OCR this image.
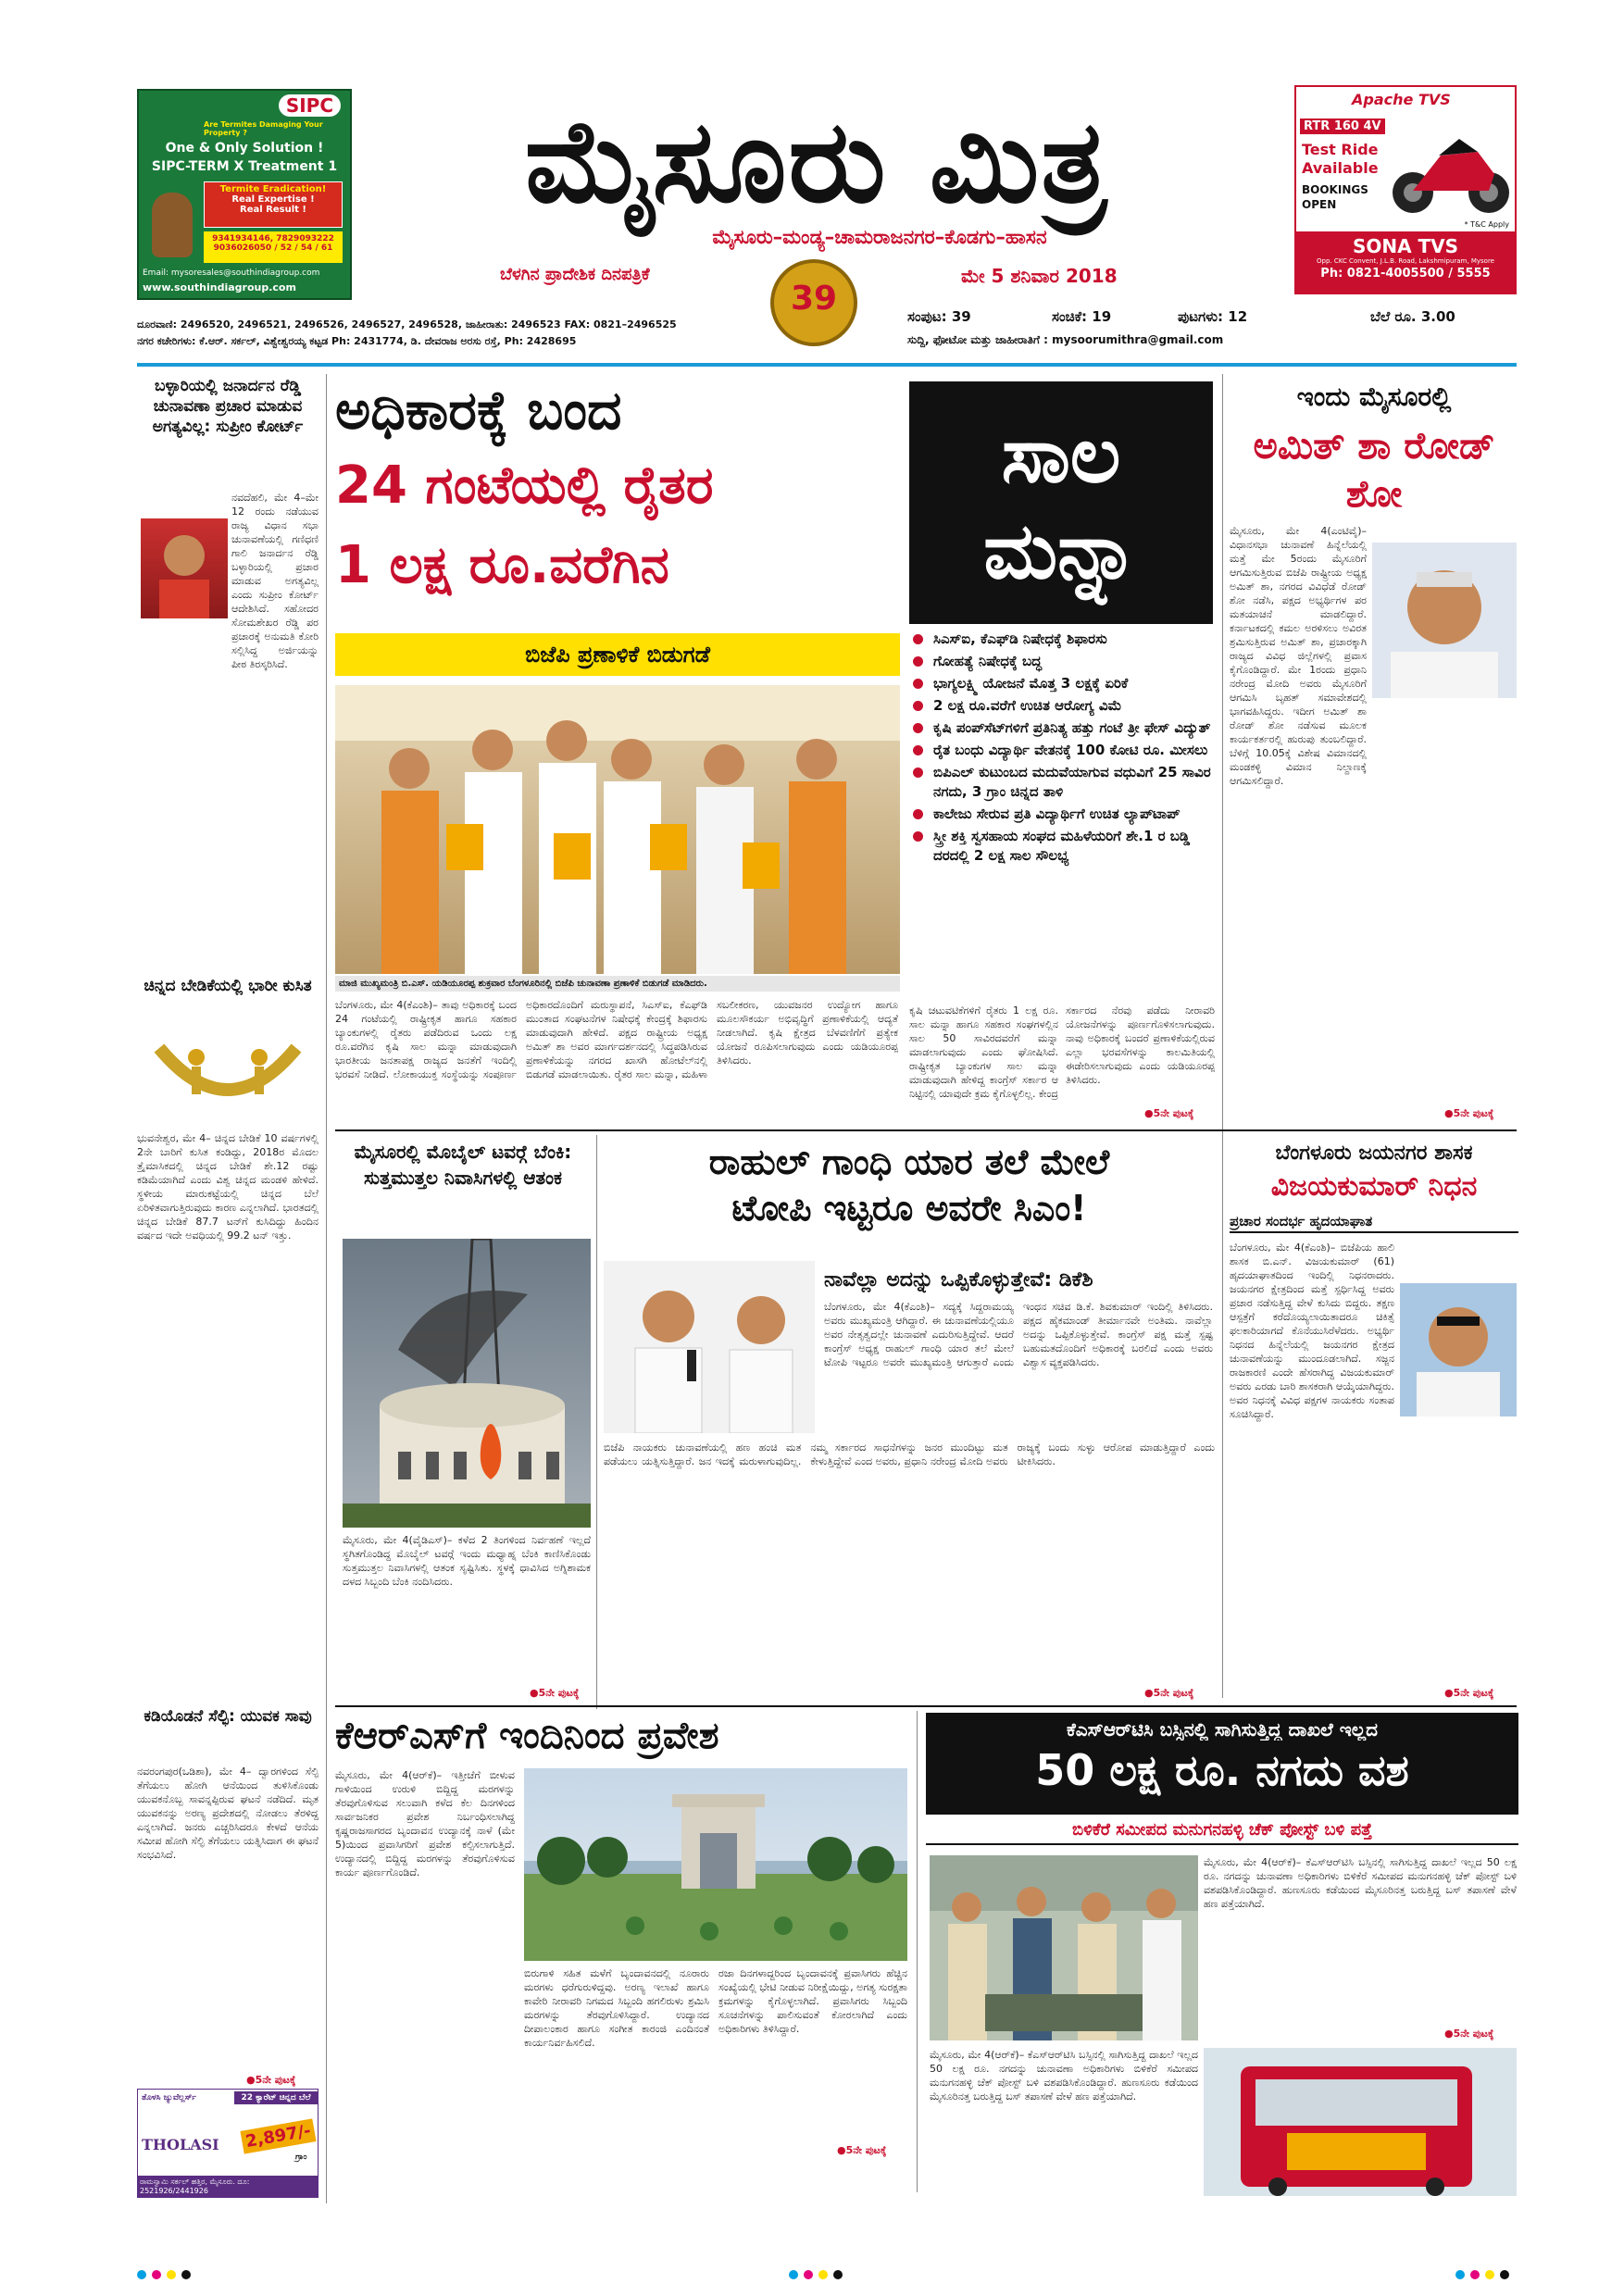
SIPC
Are Termites Damaging Your Property ?
One & Only Solution !
SIPC-TERM X Treatment 1
Termite Eradication!
Real Expertise !
Real Result !
9341934146, 7829093222
9036026050 / 52 / 54 / 61
Email: mysoresales@southindiagroup.com
www.southindiagroup.com
ಮೈಸೂರು ಮಿತ್ರ
ಮೈಸೂರು–ಮಂಡ್ಯ–ಚಾಮರಾಜನಗರ–ಕೊಡಗು–ಹಾಸನ
ಬೆಳಗಿನ ಪ್ರಾದೇಶಿಕ ದಿನಪತ್ರಿಕೆ
39
ಮೇ 5 ಶನಿವಾರ 2018
Apache TVS
RTR 160 4V
Test Ride
Available
BOOKINGS
OPEN
* T&C Apply
SONA TVS
Opp. CKC Convent, J.L.B. Road, Lakshmipuram, Mysore
Ph: 0821-4005500 / 5555
ದೂರವಾಣಿ: 2496520, 2496521, 2496526, 2496527, 2496528, ಜಾಹೀರಾತು: 2496523 FAX: 0821–2496525
ನಗರ ಕಚೇರಿಗಳು: ಕೆ.ಆರ್. ಸರ್ಕಲ್, ವಿಶ್ವೇಶ್ವರಯ್ಯ ಕಟ್ಟಡ Ph: 2431774, ಡಿ. ದೇವರಾಜ ಅರಸು ರಸ್ತೆ, Ph: 2428695
ಸಂಪುಟ: 39	ಸಂಚಿಕೆ: 19	ಪುಟಗಳು: 12	ಬೆಲೆ ರೂ. 3.00
ಸುದ್ದಿ, ಫೋಟೋ ಮತ್ತು ಜಾಹೀರಾತಿಗೆ : mysoorumithra@gmail.com
ಬಳ್ಳಾರಿಯಲ್ಲಿ ಜನಾರ್ದನ ರೆಡ್ಡಿ ಚುನಾವಣಾ ಪ್ರಚಾರ ಮಾಡುವ ಅಗತ್ಯವಿಲ್ಲ: ಸುಪ್ರೀಂ ಕೋರ್ಟ್
ನವದೆಹಲಿ, ಮೇ 4–ಮೇ 12 ರಂದು ನಡೆಯುವ ರಾಜ್ಯ ವಿಧಾನ ಸಭಾ ಚುನಾವಣೆಯಲ್ಲಿ ಗಣಿಧಣಿ ಗಾಲಿ ಜನಾರ್ದನ ರೆಡ್ಡಿ ಬಳ್ಳಾರಿಯಲ್ಲಿ ಪ್ರಚಾರ ಮಾಡುವ ಅಗತ್ಯವಿಲ್ಲ ಎಂದು ಸುಪ್ರೀಂ ಕೋರ್ಟ್ ಆದೇಶಿಸಿದೆ. ಸಹೋದರ ಸೋಮಶೇಖರ ರೆಡ್ಡಿ ಪರ ಪ್ರಚಾರಕ್ಕೆ ಅನುಮತಿ ಕೋರಿ ಸಲ್ಲಿಸಿದ್ದ ಅರ್ಜಿಯನ್ನು ಪೀಠ ತಿರಸ್ಕರಿಸಿದೆ.
ಚಿನ್ನದ ಬೇಡಿಕೆಯಲ್ಲಿ ಭಾರೀ ಕುಸಿತ
ಭುವನೇಶ್ವರ, ಮೇ 4– ಚಿನ್ನದ ಬೇಡಿಕೆ 10 ವರ್ಷಗಳಲ್ಲಿ 2ನೇ ಬಾರಿಗೆ ಕುಸಿತ ಕಂಡಿದ್ದು, 2018ರ ಮೊದಲ ತ್ರೈಮಾಸಿಕದಲ್ಲಿ ಚಿನ್ನದ ಬೇಡಿಕೆ ಶೇ.12 ರಷ್ಟು ಕಡಿಮೆಯಾಗಿದೆ ಎಂದು ವಿಶ್ವ ಚಿನ್ನದ ಮಂಡಳಿ ಹೇಳಿದೆ. ಸ್ಥಳೀಯ ಮಾರುಕಟ್ಟೆಯಲ್ಲಿ ಚಿನ್ನದ ಬೆಲೆ ಏರಿಳಿತವಾಗುತ್ತಿರುವುದು ಕಾರಣ ಎನ್ನಲಾಗಿದೆ. ಭಾರತದಲ್ಲಿ ಚಿನ್ನದ ಬೇಡಿಕೆ 87.7 ಟನ್‍ಗೆ ಕುಸಿದಿದ್ದು ಹಿಂದಿನ ವರ್ಷದ ಇದೇ ಅವಧಿಯಲ್ಲಿ 99.2 ಟನ್ ಇತ್ತು.
ಕಡಿಯೊಡನೆ ಸೆಲ್ಫಿ: ಯುವಕ ಸಾವು
ನವರಂಗಪುರ(ಒಡಿಶಾ), ಮೇ 4– ದ್ವಾರಗಳಿಂದ ಸೆಲ್ಫಿ ತೆಗೆಯಲು ಹೋಗಿ ಆನೆಯಿಂದ ತುಳಿಸಿಕೊಂಡು ಯುವಕನೊಬ್ಬ ಸಾವನ್ನಪ್ಪಿರುವ ಘಟನೆ ನಡೆದಿದೆ. ಮೃತ ಯುವಕನನ್ನು ಅರಣ್ಯ ಪ್ರದೇಶದಲ್ಲಿ ನೋಡಲು ತೆರಳಿದ್ದ ಎನ್ನಲಾಗಿದೆ. ಜನರು ಎಚ್ಚರಿಸಿದರೂ ಕೇಳದೆ ಆನೆಯ ಸಮೀಪ ಹೋಗಿ ಸೆಲ್ಫಿ ತೆಗೆಯಲು ಯತ್ನಿಸಿದಾಗ ಈ ಘಟನೆ ಸಂಭವಿಸಿದೆ.
●5ನೇ ಪುಟಕ್ಕೆ
ತೊಳಸಿ ಜ್ಯುವೆಲ್ಲರ್ಸ್
THOLASI
22 ಕ್ಯಾರೆಟ್ ಚಿನ್ನದ ಬೆಲೆ
2,897/-
ಗ್ರಾಂ
ರಾಮಸ್ವಾಮಿ ಸರ್ಕಲ್ ಹತ್ತಿರ, ಮೈಸೂರು. ದೂ: 2521926/2441926
ಅಧಿಕಾರಕ್ಕೆ ಬಂದ
24 ಗಂಟೆಯಲ್ಲಿ ರೈತರ
1 ಲಕ್ಷ ರೂ.ವರೆಗಿನ
ಸಾಲ ಮನ್ನಾ
ಬಿಜೆಪಿ ಪ್ರಣಾಳಿಕೆ ಬಿಡುಗಡೆ
ಮಾಜಿ ಮುಖ್ಯಮಂತ್ರಿ ಬಿ.ಎಸ್. ಯಡಿಯೂರಪ್ಪ ಶುಕ್ರವಾರ ಬೆಂಗಳೂರಿನಲ್ಲಿ ಬಿಜೆಪಿ ಚುನಾವಣಾ ಪ್ರಣಾಳಿಕೆ ಬಿಡುಗಡೆ ಮಾಡಿದರು.
ಸಿಎಸ್‍ಐ, ಕೆಎಫ್‍ಡಿ ನಿಷೇಧಕ್ಕೆ ಶಿಫಾರಸು
ಗೋಹತ್ಯೆ ನಿಷೇಧಕ್ಕೆ ಬದ್ಧ
ಭಾಗ್ಯಲಕ್ಷ್ಮಿ ಯೋಜನೆ ಮೊತ್ತ 3 ಲಕ್ಷಕ್ಕೆ ಏರಿಕೆ
2 ಲಕ್ಷ ರೂ.ವರೆಗೆ ಉಚಿತ ಆರೋಗ್ಯ ವಿಮೆ
ಕೃಷಿ ಪಂಪ್‍ಸೆಟ್‍ಗಳಿಗೆ ಪ್ರತಿನಿತ್ಯ ಹತ್ತು ಗಂಟೆ ತ್ರೀ ಫೇಸ್ ವಿದ್ಯುತ್
ರೈತ ಬಂಧು ವಿದ್ಯಾರ್ಥಿ ವೇತನಕ್ಕೆ 100 ಕೋಟಿ ರೂ. ಮೀಸಲು
ಬಿಪಿಎಲ್ ಕುಟುಂಬದ ಮದುವೆಯಾಗುವ ವಧುವಿಗೆ 25 ಸಾವಿರ ನಗದು, 3 ಗ್ರಾಂ ಚಿನ್ನದ ತಾಳಿ
ಕಾಲೇಜು ಸೇರುವ ಪ್ರತಿ ವಿದ್ಯಾರ್ಥಿಗೆ ಉಚಿತ ಲ್ಯಾಪ್‍ಟಾಪ್
ಸ್ತ್ರೀ ಶಕ್ತಿ ಸ್ವಸಹಾಯ ಸಂಘದ ಮಹಿಳೆಯರಿಗೆ ಶೇ.1 ರ ಬಡ್ಡಿ ದರದಲ್ಲಿ 2 ಲಕ್ಷ ಸಾಲ ಸೌಲಭ್ಯ
ಬೆಂಗಳೂರು, ಮೇ 4(ಕೆಎಂಶಿ)– ತಾವು ಅಧಿಕಾರಕ್ಕೆ ಬಂದ 24 ಗಂಟೆಯಲ್ಲಿ ರಾಷ್ಟ್ರೀಕೃತ ಹಾಗೂ ಸಹಕಾರ ಬ್ಯಾಂಕುಗಳಲ್ಲಿ ರೈತರು ಪಡೆದಿರುವ ಒಂದು ಲಕ್ಷ ರೂ.ವರೆಗಿನ ಕೃಷಿ ಸಾಲ ಮನ್ನಾ ಮಾಡುವುದಾಗಿ ಭಾರತೀಯ ಜನತಾಪಕ್ಷ ರಾಜ್ಯದ ಜನತೆಗೆ ಇಂದಿಲ್ಲಿ ಭರವಸೆ ನೀಡಿದೆ. ಲೋಕಾಯುಕ್ತ ಸಂಸ್ಥೆಯನ್ನು ಸಂಪೂರ್ಣ ಅಧಿಕಾರದೊಂದಿಗೆ ಮರುಸ್ಥಾಪನೆ, ಸಿಎಸ್‍ಐ, ಕೆಎಫ್‍ಡಿ ಮುಂತಾದ ಸಂಘಟನೆಗಳ ನಿಷೇಧಕ್ಕೆ ಕೇಂದ್ರಕ್ಕೆ ಶಿಫಾರಸು ಮಾಡುವುದಾಗಿ ಹೇಳಿದೆ. ಪಕ್ಷದ ರಾಷ್ಟ್ರೀಯ ಅಧ್ಯಕ್ಷ ಅಮಿತ್ ಶಾ ಅವರ ಮಾರ್ಗದರ್ಶನದಲ್ಲಿ ಸಿದ್ಧಪಡಿಸಿರುವ ಪ್ರಣಾಳಿಕೆಯನ್ನು ನಗರದ ಖಾಸಗಿ ಹೋಟೆಲ್‍ನಲ್ಲಿ ಬಿಡುಗಡೆ ಮಾಡಲಾಯಿತು. ರೈತರ ಸಾಲ ಮನ್ನಾ, ಮಹಿಳಾ ಸಬಲೀಕರಣ, ಯುವಜನರ ಉದ್ಯೋಗ ಹಾಗೂ ಮೂಲಸೌಕರ್ಯ ಅಭಿವೃದ್ಧಿಗೆ ಪ್ರಣಾಳಿಕೆಯಲ್ಲಿ ಆದ್ಯತೆ ನೀಡಲಾಗಿದೆ. ಕೃಷಿ ಕ್ಷೇತ್ರದ ಬೆಳವಣಿಗೆಗೆ ಪ್ರತ್ಯೇಕ ಯೋಜನೆ ರೂಪಿಸಲಾಗುವುದು ಎಂದು ಯಡಿಯೂರಪ್ಪ ತಿಳಿಸಿದರು.
ಕೃಷಿ ಚಟುವಟಿಕೆಗಳಿಗೆ ರೈತರು 1 ಲಕ್ಷ ರೂ. ಸಾಲ ಮನ್ನಾ ಹಾಗೂ ಸಹಕಾರ ಸಂಘಗಳಲ್ಲಿನ ಸಾಲ 50 ಸಾವಿರದವರೆಗೆ ಮನ್ನಾ ಮಾಡಲಾಗುವುದು ಎಂದು ಘೋಷಿಸಿದೆ. ರಾಷ್ಟ್ರೀಕೃತ ಬ್ಯಾಂಕುಗಳ ಸಾಲ ಮನ್ನಾ ಮಾಡುವುದಾಗಿ ಹೇಳಿದ್ದ ಕಾಂಗ್ರೆಸ್ ಸರ್ಕಾರ ಆ ನಿಟ್ಟಿನಲ್ಲಿ ಯಾವುದೇ ಕ್ರಮ ಕೈಗೊಳ್ಳಲಿಲ್ಲ. ಕೇಂದ್ರ ಸರ್ಕಾರದ ನೆರವು ಪಡೆದು ನೀರಾವರಿ ಯೋಜನೆಗಳನ್ನು ಪೂರ್ಣಗೊಳಿಸಲಾಗುವುದು. ನಾವು ಅಧಿಕಾರಕ್ಕೆ ಬಂದರೆ ಪ್ರಣಾಳಿಕೆಯಲ್ಲಿರುವ ಎಲ್ಲಾ ಭರವಸೆಗಳನ್ನು ಕಾಲಮಿತಿಯಲ್ಲಿ ಈಡೇರಿಸಲಾಗುವುದು ಎಂದು ಯಡಿಯೂರಪ್ಪ ತಿಳಿಸಿದರು.
●5ನೇ ಪುಟಕ್ಕೆ
ಇಂದು ಮೈಸೂರಲ್ಲಿ
ಅಮಿತ್ ಶಾ ರೋಡ್ ಶೋ
ಮೈಸೂರು, ಮೇ 4(ಎಂಟಿವೈ)– ವಿಧಾನಸಭಾ ಚುನಾವಣೆ ಹಿನ್ನೆಲೆಯಲ್ಲಿ ಮತ್ತೆ ಮೇ 5ರಂದು ಮೈಸೂರಿಗೆ ಆಗಮಿಸುತ್ತಿರುವ ಬಿಜೆಪಿ ರಾಷ್ಟ್ರೀಯ ಅಧ್ಯಕ್ಷ ಅಮಿತ್ ಶಾ, ನಗರದ ವಿವಿಧೆಡೆ ರೋಡ್ ಶೋ ನಡೆಸಿ, ಪಕ್ಷದ ಅಭ್ಯರ್ಥಿಗಳ ಪರ ಮತಯಾಚನೆ ಮಾಡಲಿದ್ದಾರೆ. ಕರ್ನಾಟಕದಲ್ಲಿ ಕಮಲ ಅರಳಿಸಲು ಅವಿರತ ಶ್ರಮಿಸುತ್ತಿರುವ ಅಮಿತ್ ಶಾ, ಪ್ರಚಾರಕ್ಕಾಗಿ ರಾಜ್ಯದ ವಿವಿಧ ಜಿಲ್ಲೆಗಳಲ್ಲಿ ಪ್ರವಾಸ ಕೈಗೊಂಡಿದ್ದಾರೆ. ಮೇ 1ರಂದು ಪ್ರಧಾನಿ ನರೇಂದ್ರ ಮೋದಿ ಅವರು ಮೈಸೂರಿಗೆ ಆಗಮಿಸಿ ಬೃಹತ್ ಸಮಾವೇಶದಲ್ಲಿ ಭಾಗವಹಿಸಿದ್ದರು. ಇದೀಗ ಅಮಿತ್ ಶಾ ರೋಡ್ ಶೋ ನಡೆಸುವ ಮೂಲಕ ಕಾರ್ಯಕರ್ತರಲ್ಲಿ ಹುರುಪು ತುಂಬಲಿದ್ದಾರೆ. ಬೆಳಿಗ್ಗೆ 10.05ಕ್ಕೆ ವಿಶೇಷ ವಿಮಾನದಲ್ಲಿ ಮಂಡಕಳ್ಳಿ ವಿಮಾನ ನಿಲ್ದಾಣಕ್ಕೆ ಆಗಮಿಸಲಿದ್ದಾರೆ.
●5ನೇ ಪುಟಕ್ಕೆ
ಮೈಸೂರಲ್ಲಿ ಮೊಬೈಲ್ ಟವರ್‍ಗೆ ಬೆಂಕಿ: ಸುತ್ತಮುತ್ತಲ ನಿವಾಸಿಗಳಲ್ಲಿ ಆತಂಕ
ಮೈಸೂರು, ಮೇ 4(ವೈಡಿಎಸ್)– ಕಳೆದ 2 ತಿಂಗಳಿಂದ ನಿರ್ವಹಣೆ ಇಲ್ಲದೆ ಸ್ಥಗಿತಗೊಂಡಿದ್ದ ಮೊಬೈಲ್ ಟವರ್‍ಗೆ ಇಂದು ಮಧ್ಯಾಹ್ನ ಬೆಂಕಿ ಕಾಣಿಸಿಕೊಂಡು ಸುತ್ತಮುತ್ತಲ ನಿವಾಸಿಗಳಲ್ಲಿ ಆತಂಕ ಸೃಷ್ಟಿಸಿತು. ಸ್ಥಳಕ್ಕೆ ಧಾವಿಸಿದ ಅಗ್ನಿಶಾಮಕ ದಳದ ಸಿಬ್ಬಂದಿ ಬೆಂಕಿ ನಂದಿಸಿದರು.
●5ನೇ ಪುಟಕ್ಕೆ
ರಾಹುಲ್ ಗಾಂಧಿ ಯಾರ ತಲೆ ಮೇಲೆ
ಟೋಪಿ ಇಟ್ಟರೂ ಅವರೇ ಸಿಎಂ!
ನಾವೆಲ್ಲಾ ಅದನ್ನು ಒಪ್ಪಿಕೊಳ್ಳುತ್ತೇವೆ: ಡಿಕೆಶಿ
ಬೆಂಗಳೂರು, ಮೇ 4(ಕೆಎಂಶಿ)– ಸದ್ಯಕ್ಕೆ ಸಿದ್ದರಾಮಯ್ಯ ಅವರು ಮುಖ್ಯಮಂತ್ರಿ ಆಗಿದ್ದಾರೆ. ಈ ಚುನಾವಣೆಯಲ್ಲಿಯೂ ಅವರ ನೇತೃತ್ವದಲ್ಲೇ ಚುನಾವಣೆ ಎದುರಿಸುತ್ತಿದ್ದೇವೆ. ಆದರೆ ಕಾಂಗ್ರೆಸ್ ಅಧ್ಯಕ್ಷ ರಾಹುಲ್ ಗಾಂಧಿ ಯಾರ ತಲೆ ಮೇಲೆ ಟೋಪಿ ಇಟ್ಟರೂ ಅವರೇ ಮುಖ್ಯಮಂತ್ರಿ ಆಗುತ್ತಾರೆ ಎಂದು ಇಂಧನ ಸಚಿವ ಡಿ.ಕೆ. ಶಿವಕುಮಾರ್ ಇಂದಿಲ್ಲಿ ತಿಳಿಸಿದರು. ಪಕ್ಷದ ಹೈಕಮಾಂಡ್ ತೀರ್ಮಾನವೇ ಅಂತಿಮ. ನಾವೆಲ್ಲಾ ಅದನ್ನು ಒಪ್ಪಿಕೊಳ್ಳುತ್ತೇವೆ. ಕಾಂಗ್ರೆಸ್ ಪಕ್ಷ ಮತ್ತೆ ಸ್ಪಷ್ಟ ಬಹುಮತದೊಂದಿಗೆ ಅಧಿಕಾರಕ್ಕೆ ಬರಲಿದೆ ಎಂದು ಅವರು ವಿಶ್ವಾಸ ವ್ಯಕ್ತಪಡಿಸಿದರು.
ಬಿಜೆಪಿ ನಾಯಕರು ಚುನಾವಣೆಯಲ್ಲಿ ಹಣ ಹಂಚಿ ಮತ ಪಡೆಯಲು ಯತ್ನಿಸುತ್ತಿದ್ದಾರೆ. ಜನ ಇದಕ್ಕೆ ಮರುಳಾಗುವುದಿಲ್ಲ. ನಮ್ಮ ಸರ್ಕಾರದ ಸಾಧನೆಗಳನ್ನು ಜನರ ಮುಂದಿಟ್ಟು ಮತ ಕೇಳುತ್ತಿದ್ದೇವೆ ಎಂದ ಅವರು, ಪ್ರಧಾನಿ ನರೇಂದ್ರ ಮೋದಿ ಅವರು ರಾಜ್ಯಕ್ಕೆ ಬಂದು ಸುಳ್ಳು ಆರೋಪ ಮಾಡುತ್ತಿದ್ದಾರೆ ಎಂದು ಟೀಕಿಸಿದರು.
●5ನೇ ಪುಟಕ್ಕೆ
ಬೆಂಗಳೂರು ಜಯನಗರ ಶಾಸಕ
ವಿಜಯಕುಮಾರ್ ನಿಧನ
ಪ್ರಚಾರ ಸಂದರ್ಭ ಹೃದಯಾಘಾತ
ಬೆಂಗಳೂರು, ಮೇ 4(ಕೆಎಂಶಿ)– ಬಿಜೆಪಿಯ ಹಾಲಿ ಶಾಸಕ ಬಿ.ಎನ್. ವಿಜಯಕುಮಾರ್ (61) ಹೃದಯಾಘಾತದಿಂದ ಇಂದಿಲ್ಲಿ ನಿಧನರಾದರು. ಜಯನಗರ ಕ್ಷೇತ್ರದಿಂದ ಮತ್ತೆ ಸ್ಪರ್ಧಿಸಿದ್ದ ಅವರು ಪ್ರಚಾರ ನಡೆಸುತ್ತಿದ್ದ ವೇಳೆ ಕುಸಿದು ಬಿದ್ದರು. ತಕ್ಷಣ ಆಸ್ಪತ್ರೆಗೆ ಕರೆದೊಯ್ಯಲಾಯಿತಾದರೂ ಚಿಕಿತ್ಸೆ ಫಲಕಾರಿಯಾಗದೆ ಕೊನೆಯುಸಿರೆಳೆದರು. ಅಭ್ಯರ್ಥಿ ನಿಧನದ ಹಿನ್ನೆಲೆಯಲ್ಲಿ ಜಯನಗರ ಕ್ಷೇತ್ರದ ಚುನಾವಣೆಯನ್ನು ಮುಂದೂಡಲಾಗಿದೆ. ಸಜ್ಜನ ರಾಜಕಾರಣಿ ಎಂದೇ ಹೆಸರಾಗಿದ್ದ ವಿಜಯಕುಮಾರ್ ಅವರು ಎರಡು ಬಾರಿ ಶಾಸಕರಾಗಿ ಆಯ್ಕೆಯಾಗಿದ್ದರು. ಅವರ ನಿಧನಕ್ಕೆ ವಿವಿಧ ಪಕ್ಷಗಳ ನಾಯಕರು ಸಂತಾಪ ಸೂಚಿಸಿದ್ದಾರೆ.
●5ನೇ ಪುಟಕ್ಕೆ
ಕೆಆರ್‌ಎಸ್‌ಗೆ ಇಂದಿನಿಂದ ಪ್ರವೇಶ
ಮೈಸೂರು, ಮೇ 4(ಆರ್‌ಕೆ)– ಇತ್ತೀಚೆಗೆ ಬೀಳುವ ಗಾಳಿಯಿಂದ ಉರುಳಿ ಬಿದ್ದಿದ್ದ ಮರಗಳನ್ನು ತೆರವುಗೊಳಿಸುವ ಸಲುವಾಗಿ ಕಳೆದ ಕೆಲ ದಿನಗಳಿಂದ ಸಾರ್ವಜನಿಕರ ಪ್ರವೇಶ ನಿರ್ಬಂಧಿಸಲಾಗಿದ್ದ ಕೃಷ್ಣರಾಜಸಾಗರದ ಬೃಂದಾವನ ಉದ್ಯಾನಕ್ಕೆ ನಾಳೆ (ಮೇ 5)ಯಿಂದ ಪ್ರವಾಸಿಗರಿಗೆ ಪ್ರವೇಶ ಕಲ್ಪಿಸಲಾಗುತ್ತಿದೆ. ಉದ್ಯಾನದಲ್ಲಿ ಬಿದ್ದಿದ್ದ ಮರಗಳನ್ನು ತೆರವುಗೊಳಿಸುವ ಕಾರ್ಯ ಪೂರ್ಣಗೊಂಡಿದೆ.
ಬಿರುಗಾಳಿ ಸಹಿತ ಮಳೆಗೆ ಬೃಂದಾವನದಲ್ಲಿ ನೂರಾರು ಮರಗಳು ಧರೆಗುರುಳಿದ್ದವು. ಅರಣ್ಯ ಇಲಾಖೆ ಹಾಗೂ ಕಾವೇರಿ ನೀರಾವರಿ ನಿಗಮದ ಸಿಬ್ಬಂದಿ ಹಗಲಿರುಳು ಶ್ರಮಿಸಿ ಮರಗಳನ್ನು ತೆರವುಗೊಳಿಸಿದ್ದಾರೆ. ಉದ್ಯಾನದ ದೀಪಾಲಂಕಾರ ಹಾಗೂ ಸಂಗೀತ ಕಾರಂಜಿ ಎಂದಿನಂತೆ ಕಾರ್ಯನಿರ್ವಹಿಸಲಿದೆ.
ರಜಾ ದಿನಗಳಾದ್ದರಿಂದ ಬೃಂದಾವನಕ್ಕೆ ಪ್ರವಾಸಿಗರು ಹೆಚ್ಚಿನ ಸಂಖ್ಯೆಯಲ್ಲಿ ಭೇಟಿ ನೀಡುವ ನಿರೀಕ್ಷೆಯಿದ್ದು, ಅಗತ್ಯ ಸುರಕ್ಷತಾ ಕ್ರಮಗಳನ್ನು ಕೈಗೊಳ್ಳಲಾಗಿದೆ. ಪ್ರವಾಸಿಗರು ಸಿಬ್ಬಂದಿ ಸೂಚನೆಗಳನ್ನು ಪಾಲಿಸುವಂತೆ ಕೋರಲಾಗಿದೆ ಎಂದು ಅಧಿಕಾರಿಗಳು ತಿಳಿಸಿದ್ದಾರೆ.
●5ನೇ ಪುಟಕ್ಕೆ
ಕೆಎಸ್‌ಆರ್‌ಟಿಸಿ ಬಸ್ಸಿನಲ್ಲಿ ಸಾಗಿಸುತ್ತಿದ್ದ ದಾಖಲೆ ಇಲ್ಲದ
50 ಲಕ್ಷ ರೂ. ನಗದು ವಶ
ಬಿಳಿಕೆರೆ ಸಮೀಪದ ಮನುಗನಹಳ್ಳಿ ಚೆಕ್ ಪೋಸ್ಟ್ ಬಳಿ ಪತ್ತೆ
ಮೈಸೂರು, ಮೇ 4(ಆರ್‌ಕೆ)– ಕೆಎಸ್‌ಆರ್‌ಟಿಸಿ ಬಸ್ಸಿನಲ್ಲಿ ಸಾಗಿಸುತ್ತಿದ್ದ ದಾಖಲೆ ಇಲ್ಲದ 50 ಲಕ್ಷ ರೂ. ನಗದನ್ನು ಚುನಾವಣಾ ಅಧಿಕಾರಿಗಳು ಬಿಳಿಕೆರೆ ಸಮೀಪದ ಮನುಗನಹಳ್ಳಿ ಚೆಕ್ ಪೋಸ್ಟ್ ಬಳಿ ವಶಪಡಿಸಿಕೊಂಡಿದ್ದಾರೆ. ಹುಣಸೂರು ಕಡೆಯಿಂದ ಮೈಸೂರಿನತ್ತ ಬರುತ್ತಿದ್ದ ಬಸ್ ತಪಾಸಣೆ ವೇಳೆ ಹಣ ಪತ್ತೆಯಾಗಿದೆ.
●5ನೇ ಪುಟಕ್ಕೆ
ಮೈಸೂರು, ಮೇ 4(ಆರ್‌ಕೆ)– ಕೆಎಸ್‌ಆರ್‌ಟಿಸಿ ಬಸ್ಸಿನಲ್ಲಿ ಸಾಗಿಸುತ್ತಿದ್ದ ದಾಖಲೆ ಇಲ್ಲದ 50 ಲಕ್ಷ ರೂ. ನಗದನ್ನು ಚುನಾವಣಾ ಅಧಿಕಾರಿಗಳು ಬಿಳಿಕೆರೆ ಸಮೀಪದ ಮನುಗನಹಳ್ಳಿ ಚೆಕ್ ಪೋಸ್ಟ್ ಬಳಿ ವಶಪಡಿಸಿಕೊಂಡಿದ್ದಾರೆ. ಹುಣಸೂರು ಕಡೆಯಿಂದ ಮೈಸೂರಿನತ್ತ ಬರುತ್ತಿದ್ದ ಬಸ್ ತಪಾಸಣೆ ವೇಳೆ ಹಣ ಪತ್ತೆಯಾಗಿದೆ.
